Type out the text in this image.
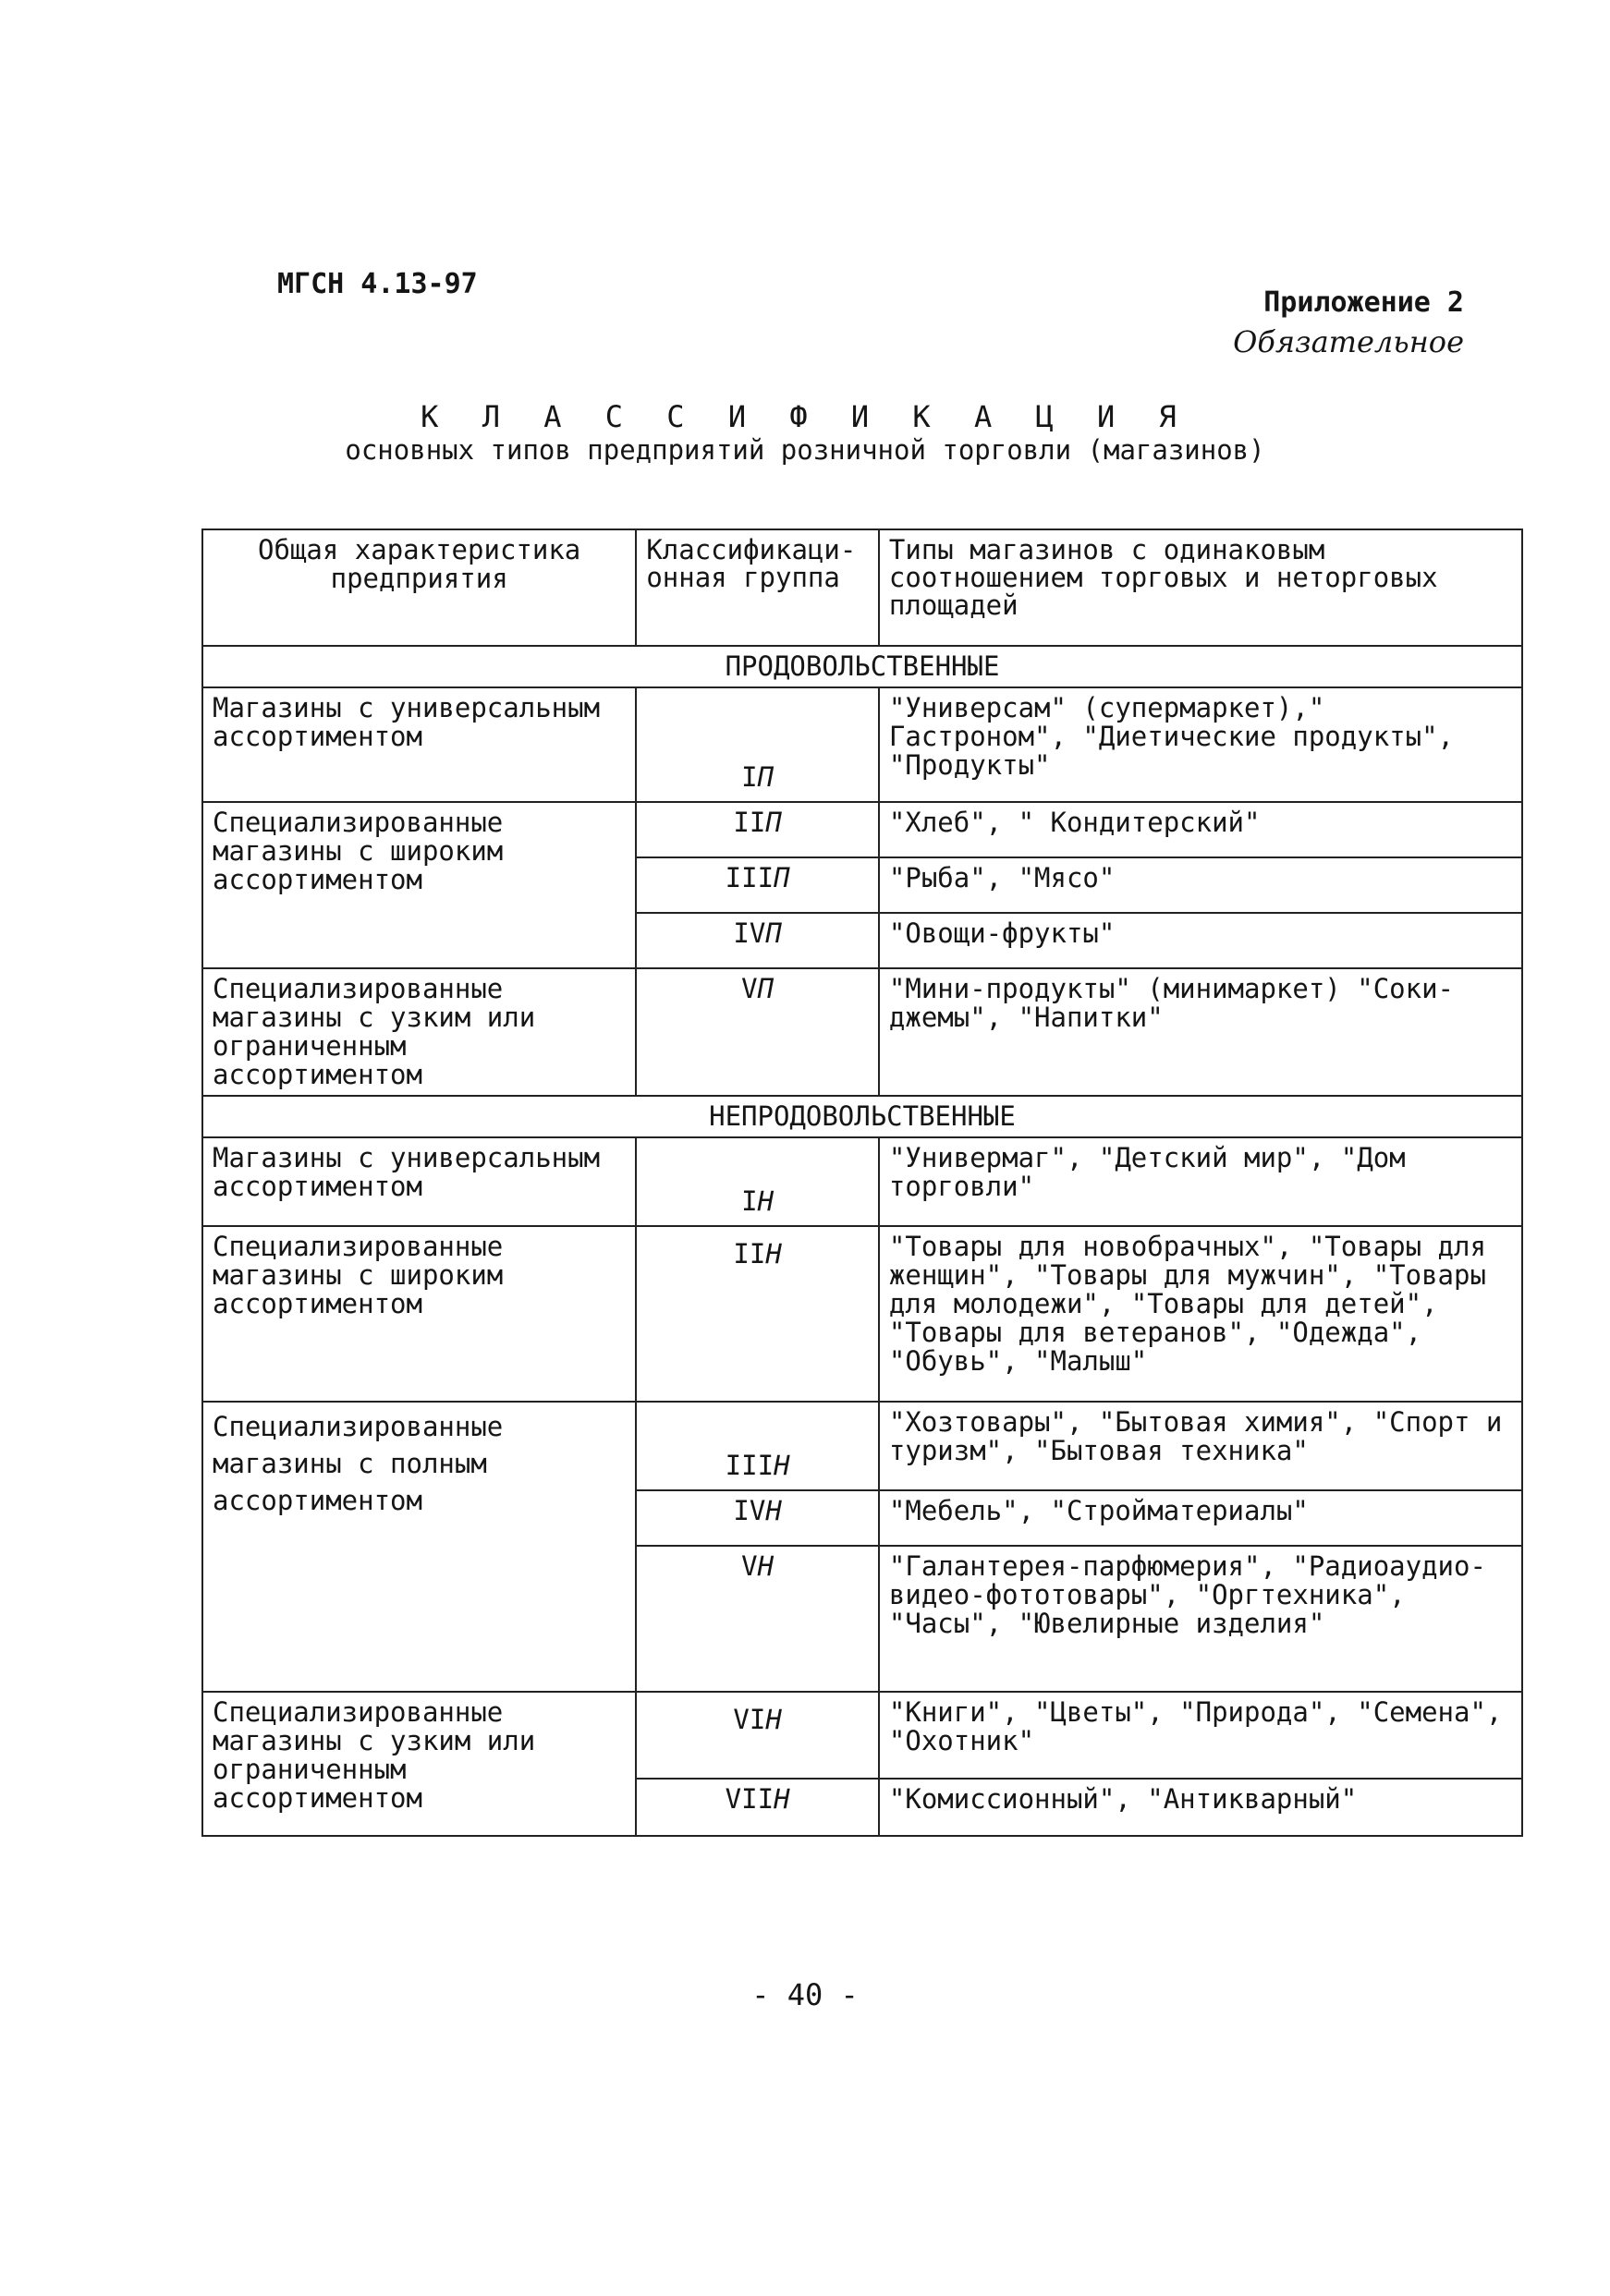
МГСН 4.13-97
Приложение 2
Обязательное
К Л А С С И Ф И К А Ц И Я
основных типов предприятий розничной торговли (магазинов)
Общая характеристика предприятия	Классификаци- онная группа	Типы магазинов с одинаковым соотношением торговых и неторговых площадей
ПРОДОВОЛЬСТВЕННЫЕ		
Магазины с универсальным ассортиментом	IП	"Универсам" (супермаркет)," Гастроном", "Диетические продукты", "Продукты"
Специализированные магазины с широким ассортиментом	IIП	"Хлеб", " Кондитерский"
	IIIП	"Рыба", "Мясо"
	IVП	"Овощи-фрукты"
Специализированные магазины с узким или ограниченным ассортиментом	VП	"Мини-продукты" (минимаркет) "Соки-джемы", "Напитки"
НЕПРОДОВОЛЬСТВЕННЫЕ		
Магазины с универсальным ассортиментом	IН	"Универмаг", "Детский мир", "Дом торговли"
Специализированные магазины с широким ассортиментом	IIН	"Товары для новобрачных", "Товары для женщин", "Товары для мужчин", "Товары для молодежи", "Товары для детей", "Товары для ветеранов", "Одежда", "Обувь", "Малыш"
Специализированные магазины с полным ассортиментом	IIIН	"Хозтовары", "Бытовая химия", "Спорт и туризм", "Бытовая техника"
	IVН	"Мебель", "Стройматериалы"
	VН	"Галантерея-парфюмерия", "Радиоаудио-видео-фототовары", "Оргтехника", "Часы", "Ювелирные изделия"
Специализированные магазины с узким или ограниченным ассортиментом	VIН	"Книги", "Цветы", "Природа", "Семена", "Охотник"
	VIIН	"Комиссионный", "Антикварный"
- 40 -
